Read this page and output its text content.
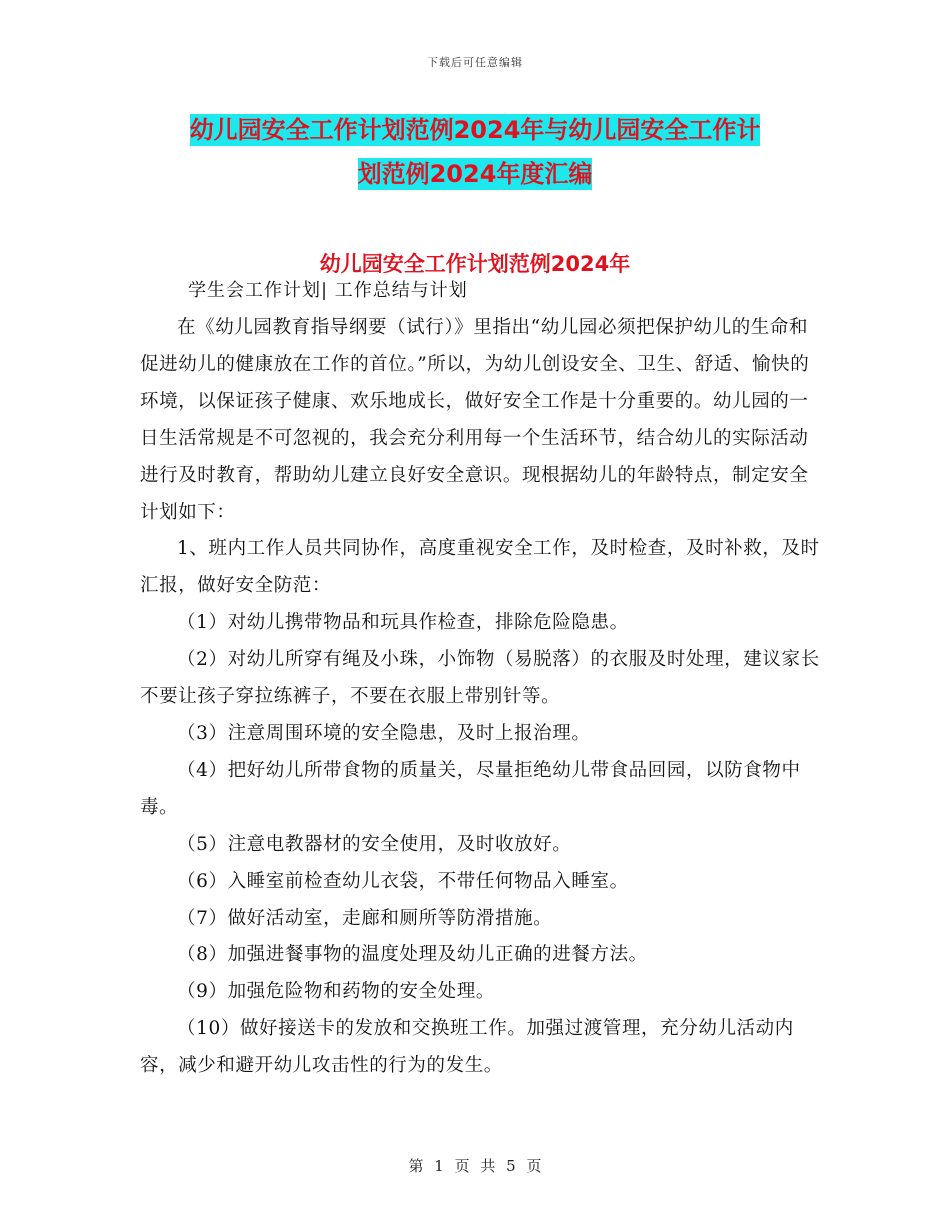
下载后可任意编辑
幼儿园安全工作计划范例2024年与幼儿园安全工作计
划范例2024年度汇编
幼儿园安全工作计划范例2024年
学生会工作计划| 工作总结与计划

在《幼儿园教育指导纲要（试行）》里指出“幼儿园必须把保护幼儿的生命和促进幼儿的健康放在工作的首位。”所以，为幼儿创设安全、卫生、舒适、愉快的环境，以保证孩子健康、欢乐地成长，做好安全工作是十分重要的。幼儿园的一日生活常规是不可忽视的，我会充分利用每一个生活环节，结合幼儿的实际活动进行及时教育，帮助幼儿建立良好安全意识。现根据幼儿的年龄特点，制定安全计划如下：

1、班内工作人员共同协作，高度重视安全工作，及时检查，及时补救，及时汇报，做好安全防范：

（1）对幼儿携带物品和玩具作检查，排除危险隐患。

（2）对幼儿所穿有绳及小珠，小饰物（易脱落）的衣服及时处理，建议家长不要让孩子穿拉练裤子，不要在衣服上带别针等。

（3）注意周围环境的安全隐患，及时上报治理。

（4）把好幼儿所带食物的质量关，尽量拒绝幼儿带食品回园，以防食物中毒。

（5）注意电教器材的安全使用，及时收放好。

（6）入睡室前检查幼儿衣袋，不带任何物品入睡室。

（7）做好活动室，走廊和厕所等防滑措施。

（8）加强进餐事物的温度处理及幼儿正确的进餐方法。

（9）加强危险物和药物的安全处理。

（10）做好接送卡的发放和交换班工作。加强过渡管理，充分幼儿活动内容，减少和避开幼儿攻击性的行为的发生。

第 1 页 共 5 页
